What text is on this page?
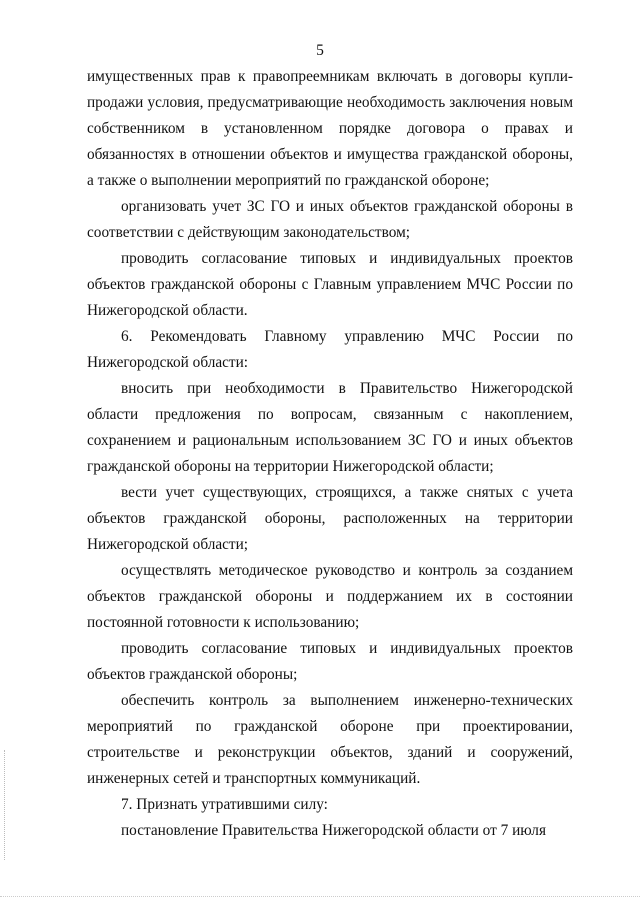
5

имущественных прав к правопреемникам включать в договоры купли-продажи условия, предусматривающие необходимость заключения новым собственником в установленном порядке договора о правах и обязанностях в отношении объектов и имущества гражданской обороны, а также о выполнении мероприятий по гражданской обороне;

организовать учет ЗС ГО и иных объектов гражданской обороны в соответствии с действующим законодательством;

проводить согласование типовых и индивидуальных проектов объектов гражданской обороны с Главным управлением МЧС России по Нижегородской области.

6. Рекомендовать Главному управлению МЧС России по Нижегородской области:

вносить при необходимости в Правительство Нижегородской области предложения по вопросам, связанным с накоплением, сохранением и рациональным использованием ЗС ГО и иных объектов гражданской обороны на территории Нижегородской области;

вести учет существующих, строящихся, а также снятых с учета объектов гражданской обороны, расположенных на территории Нижегородской области;

осуществлять методическое руководство и контроль за созданием объектов гражданской обороны и поддержанием их в состоянии постоянной готовности к использованию;

проводить согласование типовых и индивидуальных проектов объектов гражданской обороны;

обеспечить контроль за выполнением инженерно-технических мероприятий по гражданской обороне при проектировании, строительстве и реконструкции объектов, зданий и сооружений, инженерных сетей и транспортных коммуникаций.

7. Признать утратившими силу:

постановление Правительства Нижегородской области от 7 июля
